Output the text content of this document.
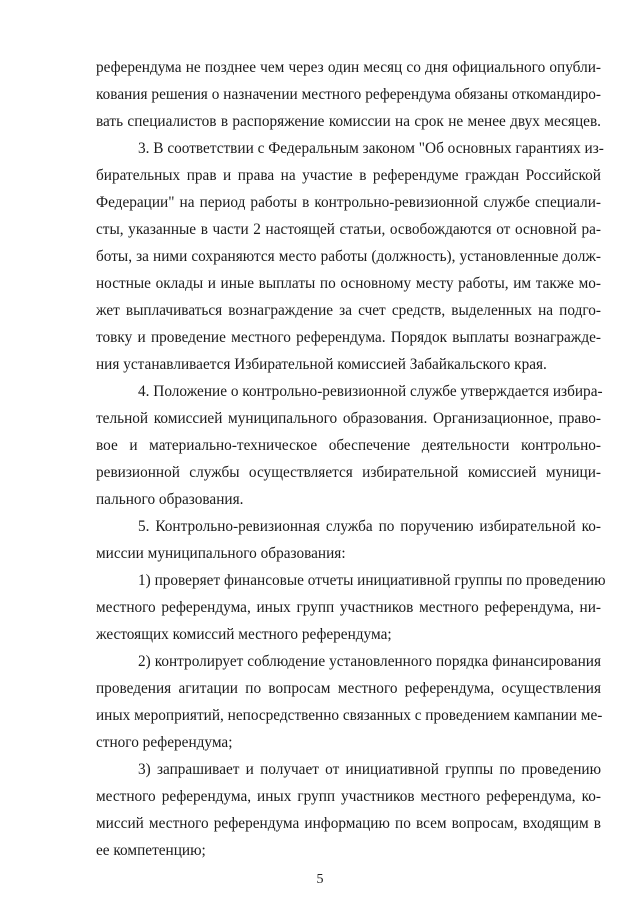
референдума не позднее чем через один месяц со дня официального опубли-
кования решения о назначении местного референдума обязаны откомандиро-
вать специалистов в распоряжение комиссии на срок не менее двух месяцев.
3. В соответствии с Федеральным законом "Об основных гарантиях из-
бирательных прав и права на участие в референдуме граждан Российской
Федерации" на период работы в контрольно-ревизионной службе специали-
сты, указанные в части 2 настоящей статьи, освобождаются от основной ра-
боты, за ними сохраняются место работы (должность), установленные долж-
ностные оклады и иные выплаты по основному месту работы, им также мо-
жет выплачиваться вознаграждение за счет средств, выделенных на подго-
товку и проведение местного референдума. Порядок выплаты вознагражде-
ния устанавливается Избирательной комиссией Забайкальского края.
4. Положение о контрольно-ревизионной службе утверждается избира-
тельной комиссией муниципального образования. Организационное, право-
вое и материально-техническое обеспечение деятельности контрольно-
ревизионной службы осуществляется избирательной комиссией муници-
пального образования.
5. Контрольно-ревизионная служба по поручению избирательной ко-
миссии муниципального образования:
1) проверяет финансовые отчеты инициативной группы по проведению
местного референдума, иных групп участников местного референдума, ни-
жестоящих комиссий местного референдума;
2) контролирует соблюдение установленного порядка финансирования
проведения агитации по вопросам местного референдума, осуществления
иных мероприятий, непосредственно связанных с проведением кампании ме-
стного референдума;
3) запрашивает и получает от инициативной группы по проведению
местного референдума, иных групп участников местного референдума, ко-
миссий местного референдума информацию по всем вопросам, входящим в
ее компетенцию;
5
